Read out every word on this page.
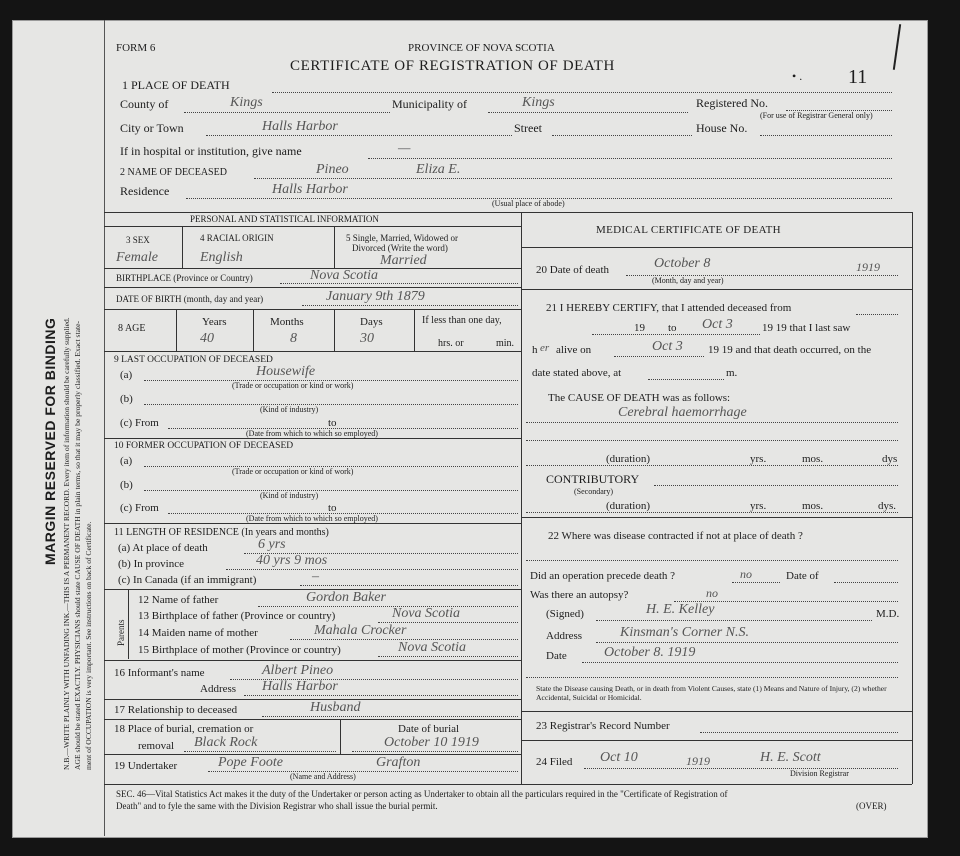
MARGIN RESERVED FOR BINDING N.B.—WRITE PLAINLY WITH UNFADING INK.—THIS IS A PERMANENT RECORD. Every item of information should be carefully supplied. AGE should be stated EXACTLY. PHYSICIANS should state CAUSE OF DEATH in plain terms, so that it may be properly classified. Exact state- ment of OCCUPATION is very important. See instructions on back of Certificate.
• . 11
FORM 6	PROVINCE OF NOVA SCOTIA
CERTIFICATE OF REGISTRATION OF DEATH
1 PLACE OF DEATH
County of	Kings	Municipality of	Kings	Registered No.
(For use of Registrar General only)
City or Town	Halls Harbor	Street	House No.
If in hospital or institution, give name	—
2 NAME OF DECEASED	Pineo	Eliza E.
Residence	Halls Harbor
(Usual place of abode)
PERSONAL AND STATISTICAL INFORMATION
3 SEX
Female
4 RACIAL ORIGIN
English
5 Single, Married, Widowed or
Divorced (Write the word)
Married
BIRTHPLACE (Province or Country)	Nova Scotia
DATE OF BIRTH (month, day and year)	January 9th 1879
8 AGE
Years
40
Months
8
Days
30
If less than one day,
hrs. or	min.
9 LAST OCCUPATION OF DECEASED
(a)	Housewife
(Trade or occupation or kind or work)
(b)
(Kind of industry)
(c) From	to
(Date from which to which so employed)
10 FORMER OCCUPATION OF DECEASED
(a)
(Trade or occupation or kind of work)
(b)
(Kind of industry)
(c) From	to
(Date from which to which so employed)
11 LENGTH OF RESIDENCE (In years and months)
(a) At place of death	6 yrs
(b) In province	40 yrs 9 mos
(c) In Canada (if an immigrant)	–
Parents
12 Name of father	Gordon Baker
13 Birthplace of father (Province or country)	Nova Scotia
14 Maiden name of mother	Mahala Crocker
15 Birthplace of mother (Province or country)	Nova Scotia
16 Informant's name	Albert Pineo
Address Halls Harbor
17 Relationship to deceased	Husband
18 Place of burial, cremation or
removal Black Rock
Date of burial
October 10 1919
19 Undertaker	Pope Foote	Grafton
(Name and Address)
MEDICAL CERTIFICATE OF DEATH
20 Date of death	October 8	1919
(Month, day and year)
21 I HEREBY CERTIFY, that I attended deceased from
19 to Oct 3	19 19 that I last saw
h er alive on	Oct 3 19 19 and that death occurred, on the
date stated above, at	m.
The CAUSE OF DEATH was as follows:
Cerebral haemorrhage
(duration)	yrs.	mos.	dys
CONTRIBUTORY
(Secondary)
(duration)	yrs.	mos.	dys.
22 Where was disease contracted if not at place of death ?
Did an operation precede death ?	no	Date of
Was there an autopsy?	no
(Signed)	H. E. Kelley	M.D.
Address	Kinsman's Corner N.S.
Date	October 8. 1919
State the Disease causing Death, or in death from Violent Causes, state (1) Means and Nature of Injury, (2) whether Accidental, Suicidal or Homicidal.
23 Registrar's Record Number
24 Filed Oct 10	1919	H. E. Scott
Division Registrar
SEC. 46—Vital Statistics Act makes it the duty of the Undertaker or person acting as Undertaker to obtain all the particulars required in the "Certificate of Registration of
Death" and to fyle the same with the Division Registrar who shall issue the burial permit.	(OVER)
